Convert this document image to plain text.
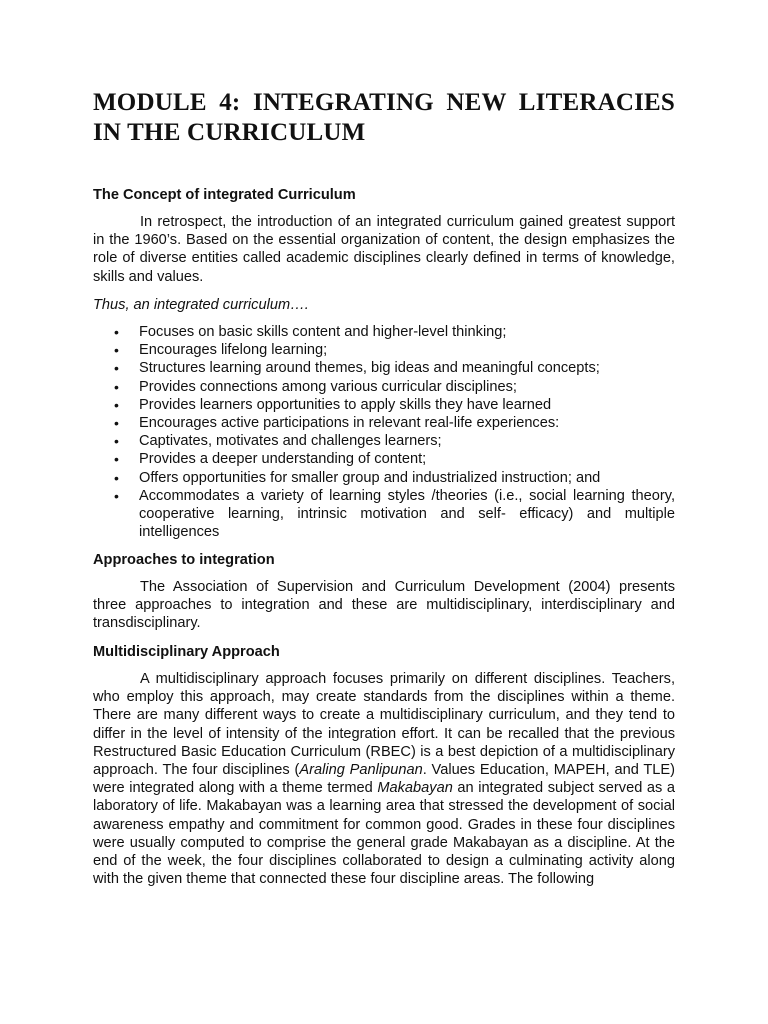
MODULE 4: INTEGRATING NEW LITERACIES
IN THE CURRICULUM
The Concept of integrated Curriculum

In retrospect, the introduction of an integrated curriculum gained greatest support in the 1960’s. Based on the essential organization of content, the design emphasizes the role of diverse entities called academic disciplines clearly defined in terms of knowledge, skills and values.

Thus, an integrated curriculum….

• Focuses on basic skills content and higher-level thinking;
• Encourages lifelong learning;
• Structures learning around themes, big ideas and meaningful concepts;
• Provides connections among various curricular disciplines;
• Provides learners opportunities to apply skills they have learned
• Encourages active participations in relevant real-life experiences:
• Captivates, motivates and challenges learners;
• Provides a deeper understanding of content;
• Offers opportunities for smaller group and industrialized instruction; and
• Accommodates a variety of learning styles /theories (i.e., social learning theory, cooperative learning, intrinsic motivation and self- efficacy) and multiple intelligences
Approaches to integration

The Association of Supervision and Curriculum Development (2004) presents three approaches to integration and these are multidisciplinary, interdisciplinary and transdisciplinary.

Multidisciplinary Approach

A multidisciplinary approach focuses primarily on different disciplines. Teachers, who employ this approach, may create standards from the disciplines within a theme. There are many different ways to create a multidisciplinary curriculum, and they tend to differ in the level of intensity of the integration effort. It can be recalled that the previous Restructured Basic Education Curriculum (RBEC) is a best depiction of a multidisciplinary approach. The four disciplines (Araling Panlipunan. Values Education, MAPEH, and TLE) were integrated along with a theme termed Makabayan an integrated subject served as a laboratory of life. Makabayan was a learning area that stressed the development of social awareness empathy and commitment for common good. Grades in these four disciplines were usually computed to comprise the general grade Makabayan as a discipline. At the end of the week, the four disciplines collaborated to design a culminating activity along with the given theme that connected these four discipline areas. The following
